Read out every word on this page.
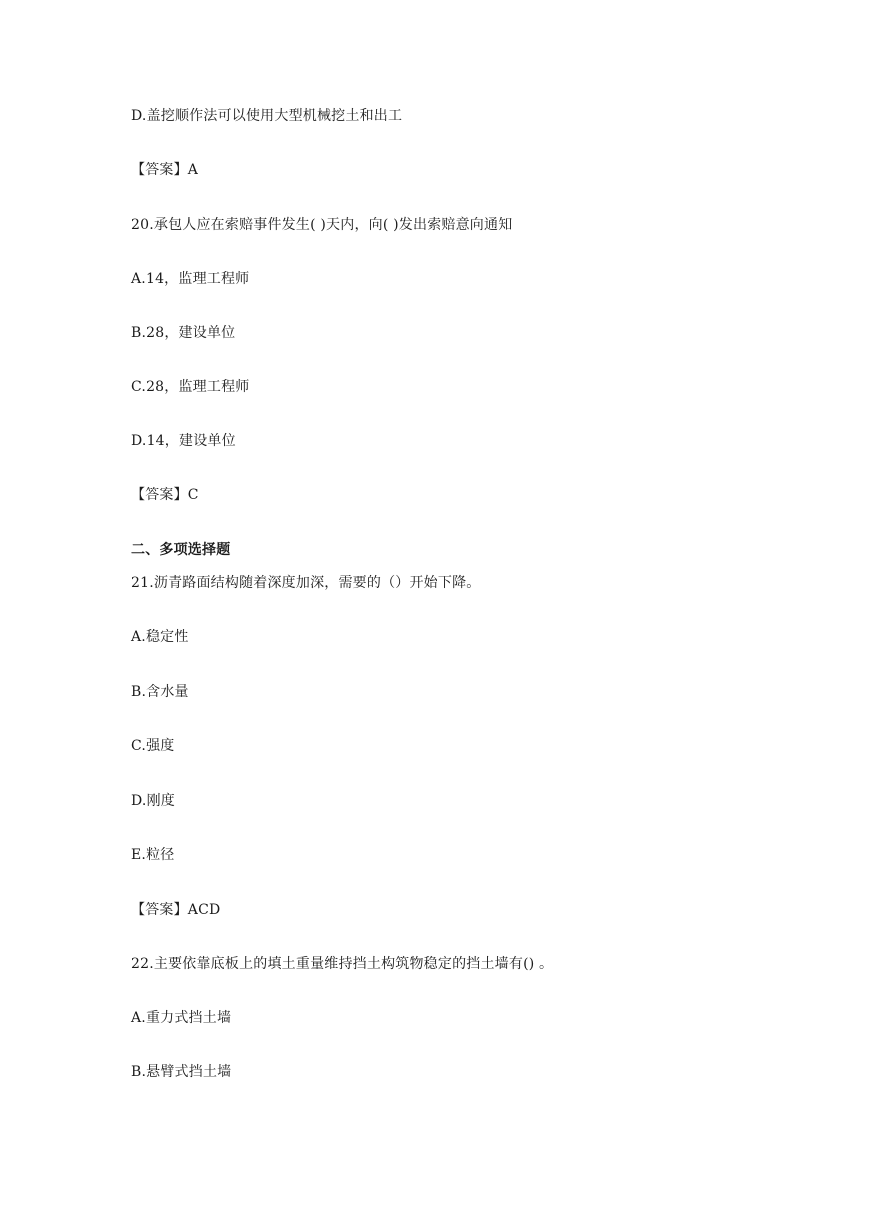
D.盖挖顺作法可以使用大型机械挖土和出工
【答案】A
20.承包人应在索赔事件发生( )天内，向( )发出索赔意向通知
A.14，监理工程师
B.28，建设单位
C.28，监理工程师
D.14，建设单位
【答案】C
二、多项选择题
21.沥青路面结构随着深度加深，需要的（）开始下降。
A.稳定性
B.含水量
C.强度
D.刚度
E.粒径
【答案】ACD
22.主要依靠底板上的填土重量维持挡土构筑物稳定的挡土墙有() 。
A.重力式挡土墙
B.悬臂式挡土墙
